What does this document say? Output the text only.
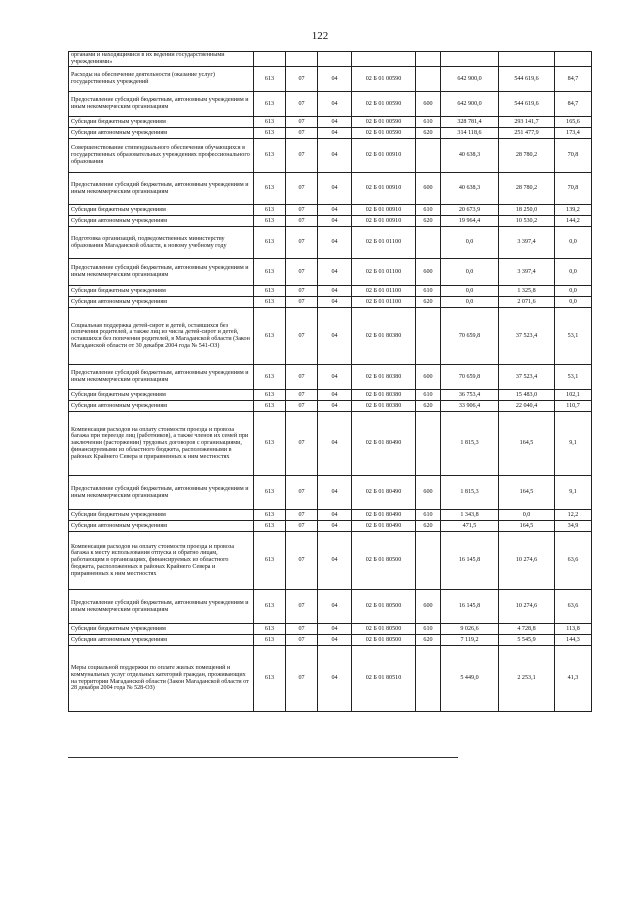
122
органами и находящимися в их ведении государственными учреждениями»								
Расходы на обеспечение деятельности (оказание услуг) государственных учреждений	613	07	04	02 Б 01 00590		642 900,0	544 619,6	84,7
Предоставление субсидий бюджетным, автономным учреждениям и иным некоммерческим организациям	613	07	04	02 Б 01 00590	600	642 900,0	544 619,6	84,7
Субсидии бюджетным учреждениям	613	07	04	02 Б 01 00590	610	328 781,4	293 141,7	165,6
Субсидии автономным учреждениям	613	07	04	02 Б 01 00590	620	314 118,6	251 477,9	173,4
Совершенствование стипендиального обеспечения обучающихся в государственных образовательных учреждениях профессионального образования	613	07	04	02 Б 01 00910		40 638,3	28 780,2	70,8
Предоставление субсидий бюджетным, автономным учреждениям и иным некоммерческим организациям	613	07	04	02 Б 01 00910	600	40 638,3	28 780,2	70,8
Субсидии бюджетным учреждениям	613	07	04	02 Б 01 00910	610	20 673,9	18 250,0	139,2
Субсидии автономным учреждениям	613	07	04	02 Б 01 00910	620	19 964,4	10 530,2	144,2
Подготовка организаций, подведомственных министерству образования Магаданской области, к новому учебному году	613	07	04	02 Б 01 01100		0,0	3 397,4	0,0
Предоставление субсидий бюджетным, автономным учреждениям и иным некоммерческим организациям	613	07	04	02 Б 01 01100	600	0,0	3 397,4	0,0
Субсидии бюджетным учреждениям	613	07	04	02 Б 01 01100	610	0,0	1 325,8	0,0
Субсидии автономным учреждениям	613	07	04	02 Б 01 01100	620	0,0	2 071,6	0,0
Социальная поддержка детей-сирот и детей, оставшихся без попечения родителей, а также лиц из числа детей-сирот и детей, оставшихся без попечения родителей, в Магаданской области (Закон Магаданской области от 30 декабря 2004 года № 541-ОЗ)	613	07	04	02 Б 01 80380		70 659,8	37 523,4	53,1
Предоставление субсидий бюджетным, автономным учреждениям и иным некоммерческим организациям	613	07	04	02 Б 01 80380	600	70 659,8	37 523,4	53,1
Субсидии бюджетным учреждениям	613	07	04	02 Б 01 80380	610	36 753,4	15 483,0	102,1
Субсидии автономным учреждениям	613	07	04	02 Б 01 80380	620	33 906,4	22 040,4	110,7
Компенсация расходов на оплату стоимости проезда и провоза багажа при переезде лиц (работников), а также членов их семей при заключении (расторжении) трудовых договоров с организациями, финансируемыми из областного бюджета, расположенными в районах Крайнего Севера и приравненных к ним местностях	613	07	04	02 Б 01 80490		1 815,3	164,5	9,1
Предоставление субсидий бюджетным, автономным учреждениям и иным некоммерческим организациям	613	07	04	02 Б 01 80490	600	1 815,3	164,5	9,1
Субсидии бюджетным учреждениям	613	07	04	02 Б 01 80490	610	1 343,8	0,0	12,2
Субсидии автономным учреждениям	613	07	04	02 Б 01 80490	620	471,5	164,5	34,9
Компенсация расходов на оплату стоимости проезда и провоза багажа к месту использования отпуска и обратно лицам, работающим в организациях, финансируемых из областного бюджета, расположенных в районах Крайнего Севера и приравненных к ним местностях	613	07	04	02 Б 01 80500		16 145,8	10 274,6	63,6
Предоставление субсидий бюджетным, автономным учреждениям и иным некоммерческим организациям	613	07	04	02 Б 01 80500	600	16 145,8	10 274,6	63,6
Субсидии бюджетным учреждениям	613	07	04	02 Б 01 80500	610	9 026,6	4 728,8	113,8
Субсидии автономным учреждениям	613	07	04	02 Б 01 80500	620	7 119,2	5 545,9	144,3
Меры социальной поддержки по оплате жилых помещений и коммунальных услуг отдельных категорий граждан, проживающих на территории Магаданской области (Закон Магаданской области от 28 декабря 2004 года № 528-ОЗ)	613	07	04	02 Б 01 80510		5 449,0	2 253,1	41,3
